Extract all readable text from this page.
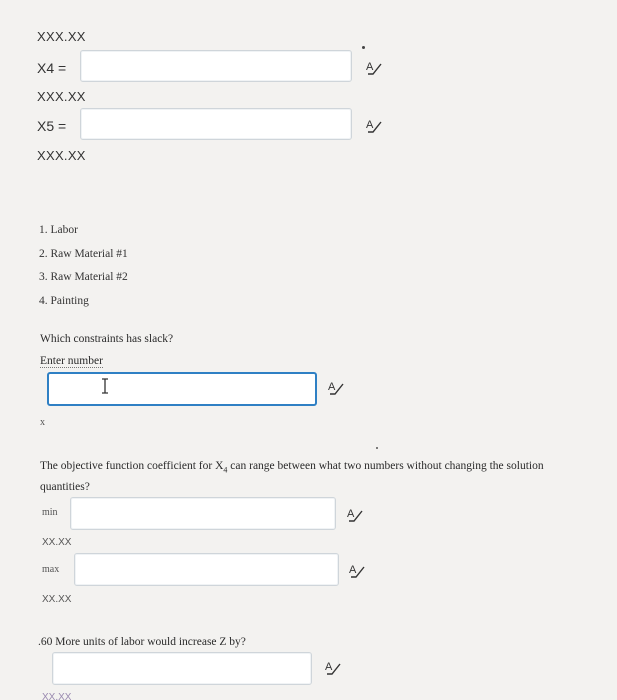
XXX.XX
X4 =	A
XXX.XX
X5 =	A
XXX.XX
1. Labor
2. Raw Material #1
3. Raw Material #2
4. Painting
Which constraints has slack?
Enter number
A
x
The objective function coefficient for $X_4$ can range between what two numbers without changing the solution
quantities?
min	A
XX.XX
max	A
XX.XX
.60 More units of labor would increase Z by?
A
XX.XX
